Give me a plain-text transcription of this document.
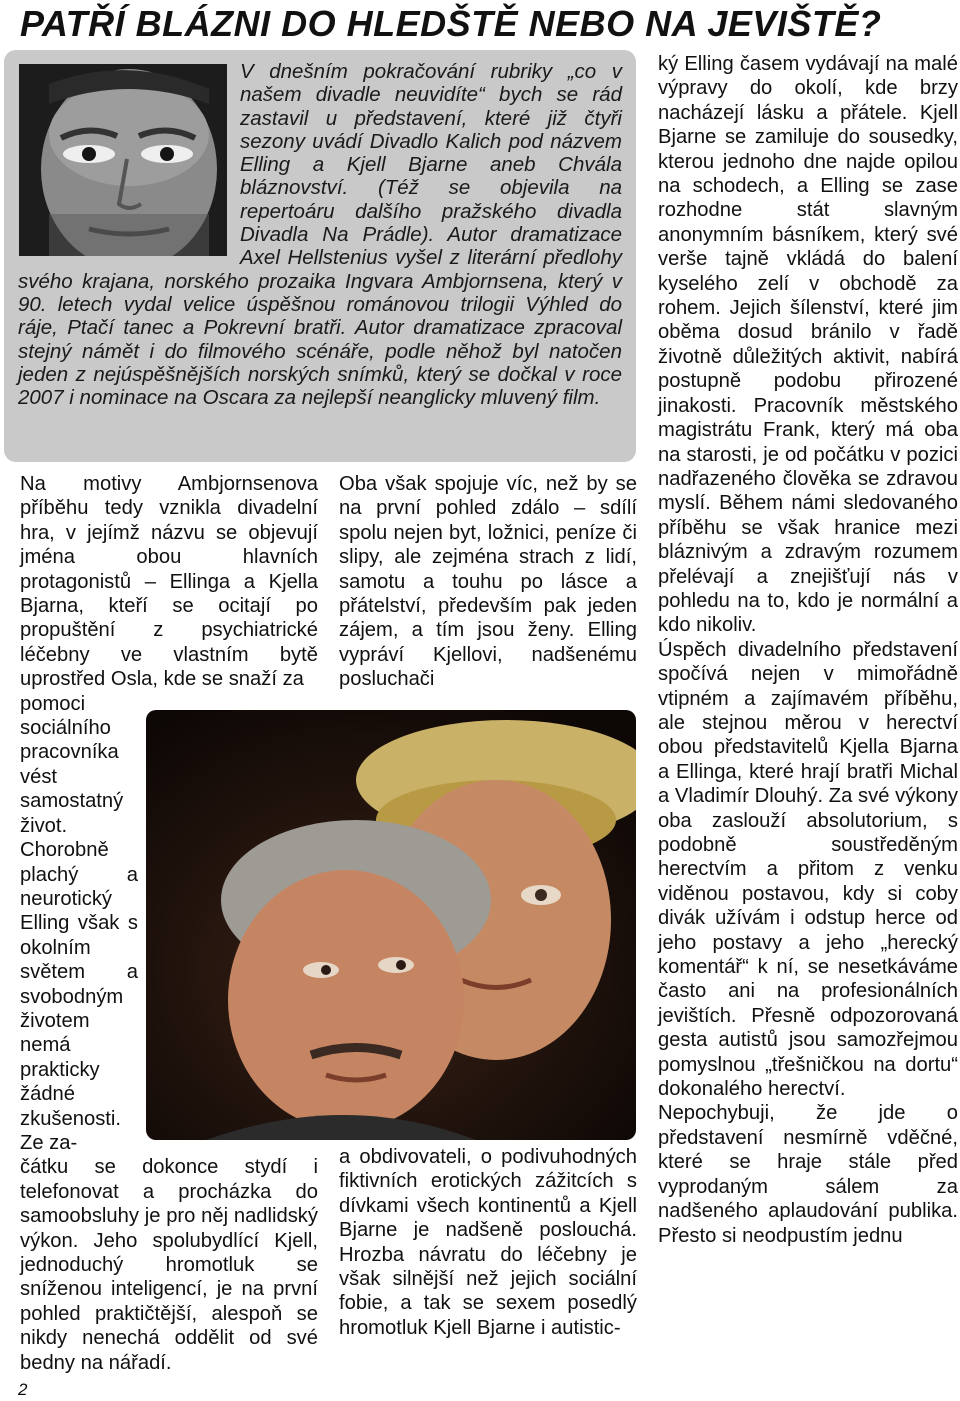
PATŘÍ BLÁZNI DO HLEDŠTĚ NEBO NA JEVIŠTĚ?

V dnešním pokračování rubriky „co v našem divadle neuvidíte“ bych se rád zastavil u představení, které již čtyři sezony uvádí Divadlo Kalich pod názvem Elling a Kjell Bjarne aneb Chvála bláznovství. (Též se objevila na repertoáru dalšího pražského divadla Divadla Na Prádle). Autor dramatizace Axel Hellstenius vyšel z literární předlohy svého krajana, norského prozaika Ingvara Ambjornsena, který v 90. letech vydal velice úspěšnou románovou trilogii Výhled do ráje, Ptačí tanec a Pokrevní bratři. Autor dramatizace zpracoval stejný námět i do filmového scénáře, podle něhož byl natočen jeden z nejúspěšnějších norských snímků, který se dočkal v roce 2007 i nominace na Oscara za nejlepší neanglicky mluvený film.

Na motivy Ambjornsenova příběhu tedy vznikla divadelní hra, v jejímž názvu se objevují jména obou hlavních protagonistů – Ellinga a Kjella Bjarna, kteří se ocitají po propuštění z psychiatrické léčebny ve vlastním bytě uprostřed Osla, kde se snaží za

pomoci sociálního pracovníka vést samostatný život. Chorobně plachý a neurotický Elling však s okolním světem a svobodným životem nemá prakticky žádné zkušenosti. Ze za-

čátku se dokonce stydí i telefonovat a procházka do samoobsluhy je pro něj nadlidský výkon. Jeho spolubydlící Kjell, jednoduchý hromotluk se sníženou inteligencí, je na první pohled praktičtější, alespoň se nikdy nenechá oddělit od své bedny na nářadí.

Oba však spojuje víc, než by se na první pohled zdálo – sdílí spolu nejen byt, ložnici, peníze či slipy, ale zejména strach z lidí, samotu a touhu po lásce a přátelství, především pak jeden zájem, a tím jsou ženy. Elling vypráví Kjellovi, nadšenému posluchači

a obdivovateli, o podivuhodných fiktivních erotických zážitcích s dívkami všech kontinentů a Kjell Bjarne je nadšeně poslouchá. Hrozba návratu do léčebny je však silnější než jejich sociální fobie, a tak se sexem posedlý hromotluk Kjell Bjarne i autistic-

ký Elling časem vydávají na malé výpravy do okolí, kde brzy nacházejí lásku a přátele. Kjell Bjarne se zamiluje do sousedky, kterou jednoho dne najde opilou na schodech, a Elling se zase rozhodne stát slavným anonymním básníkem, který své verše tajně vkládá do balení kyselého zelí v obchodě za rohem. Jejich šílenství, které jim oběma dosud bránilo v řadě životně důležitých aktivit, nabírá postupně podobu přirozené jinakosti. Pracovník městského magistrátu Frank, který má oba na starosti, je od počátku v pozici nadřazeného člověka se zdravou myslí. Během námi sledovaného příběhu se však hranice mezi bláznivým a zdravým rozumem přelévají a znejišťují nás v pohledu na to, kdo je normální a kdo nikoliv.

Úspěch divadelního představení spočívá nejen v mimořádně vtipném a zajímavém příběhu, ale stejnou měrou v herectví obou představitelů Kjella Bjarna a Ellinga, které hrají bratři Michal a Vladimír Dlouhý. Za své výkony oba zaslouží absolutorium, s podobně soustředěným herectvím a přitom z venku viděnou postavou, kdy si coby divák užívám i odstup herce od jeho postavy a jeho „herecký komentář“ k ní, se nesetkáváme často ani na profesionálních jevištích. Přesně odpozorovaná gesta autistů jsou samozřejmou pomyslnou „třešničkou na dortu“ dokonalého herectví.

Nepochybuji, že jde o představení nesmírně vděčné, které se hraje stále před vyprodaným sálem za nadšeného aplaudování publika. Přesto si neodpustím jednu

2
